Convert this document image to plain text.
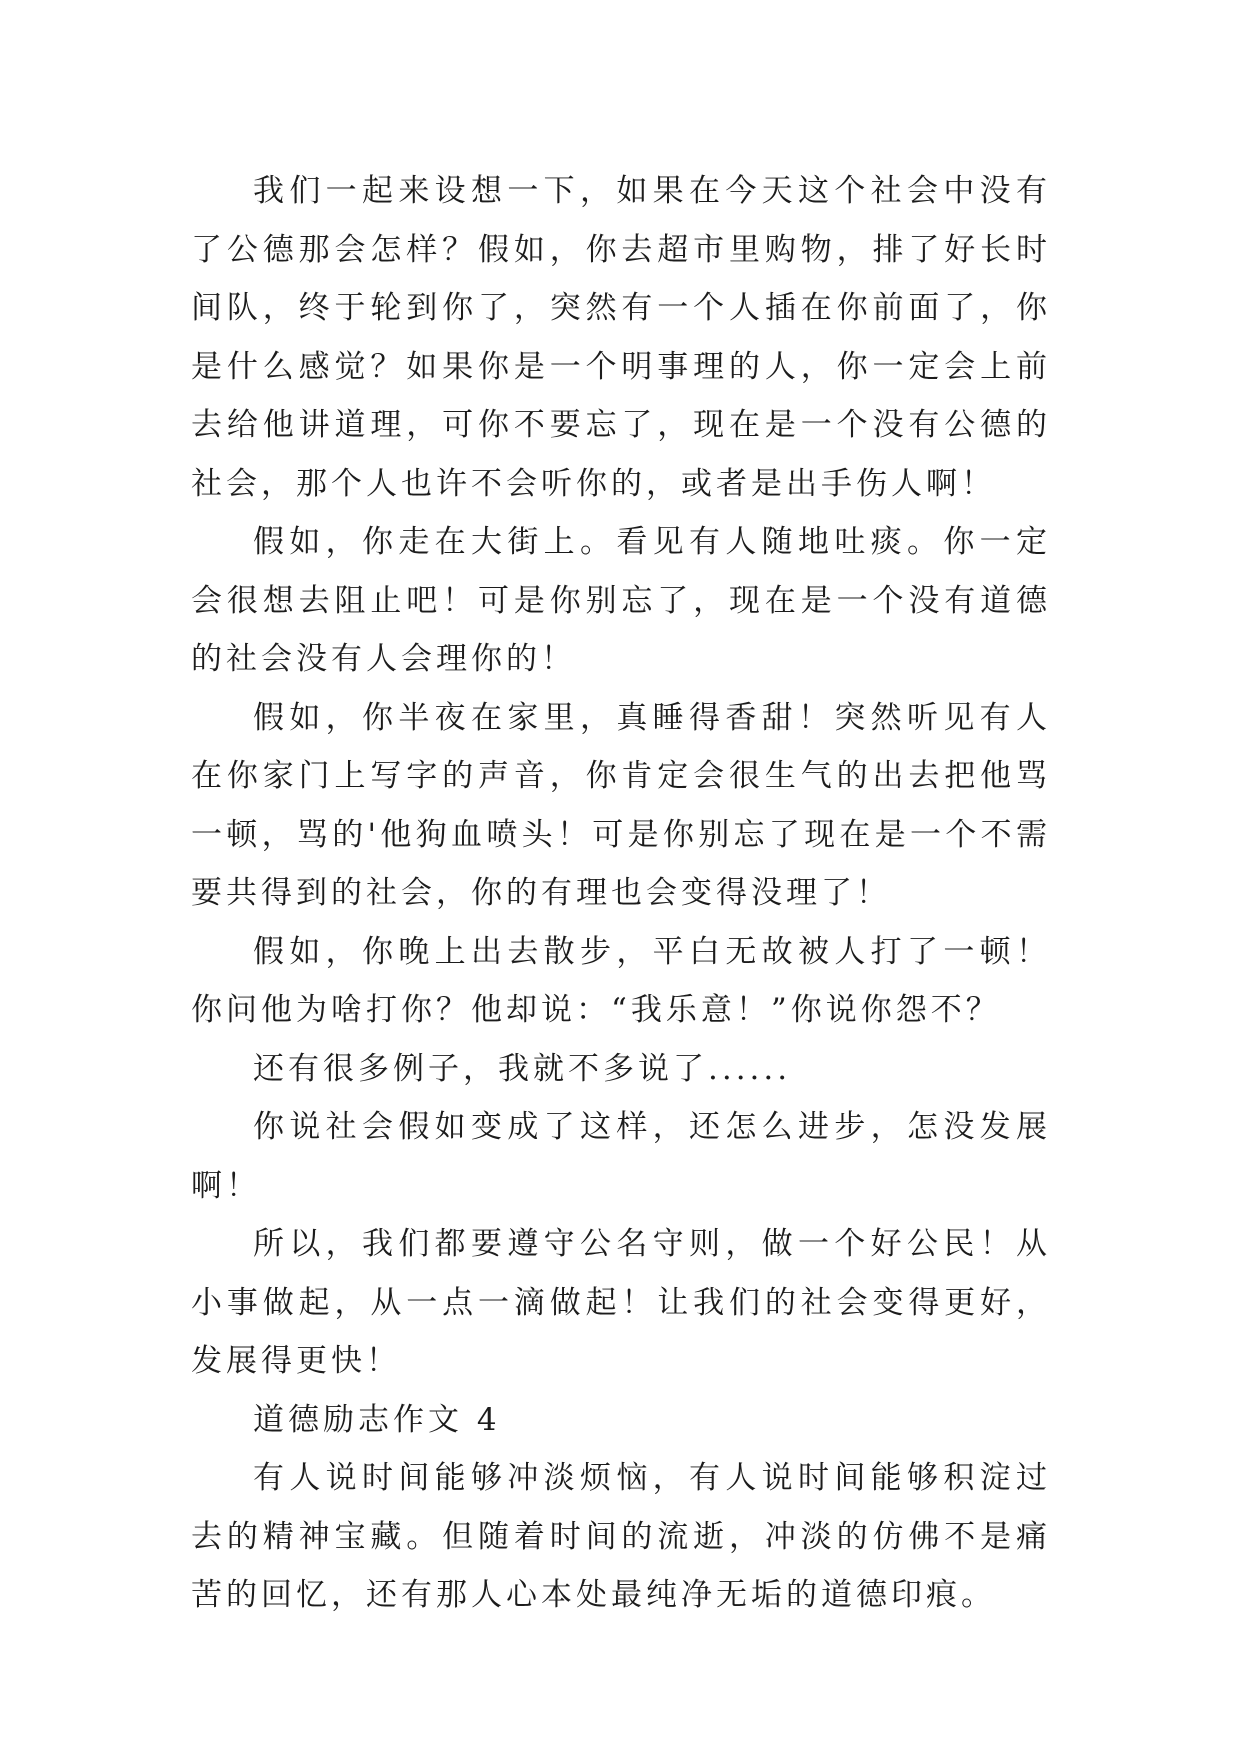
我们一起来设想一下，如果在今天这个社会中没有了公德那会怎样？假如，你去超市里购物，排了好长时间队，终于轮到你了，突然有一个人插在你前面了，你是什么感觉？如果你是一个明事理的人，你一定会上前去给他讲道理，可你不要忘了，现在是一个没有公德的社会，那个人也许不会听你的，或者是出手伤人啊！

假如，你走在大街上。看见有人随地吐痰。你一定会很想去阻止吧！可是你别忘了，现在是一个没有道德的社会没有人会理你的！

假如，你半夜在家里，真睡得香甜！突然听见有人在你家门上写字的声音，你肯定会很生气的出去把他骂一顿，骂的'他狗血喷头！可是你别忘了现在是一个不需要共得到的社会，你的有理也会变得没理了！

假如，你晚上出去散步，平白无故被人打了一顿！你问他为啥打你？他却说：“我乐意！”你说你怨不？

还有很多例子，我就不多说了......

你说社会假如变成了这样，还怎么进步，怎没发展啊！

所以，我们都要遵守公名守则，做一个好公民！从小事做起，从一点一滴做起！让我们的社会变得更好，发展得更快！

道德励志作文 4

有人说时间能够冲淡烦恼，有人说时间能够积淀过去的精神宝藏。但随着时间的流逝，冲淡的仿佛不是痛苦的回忆，还有那人心本处最纯净无垢的道德印痕。
